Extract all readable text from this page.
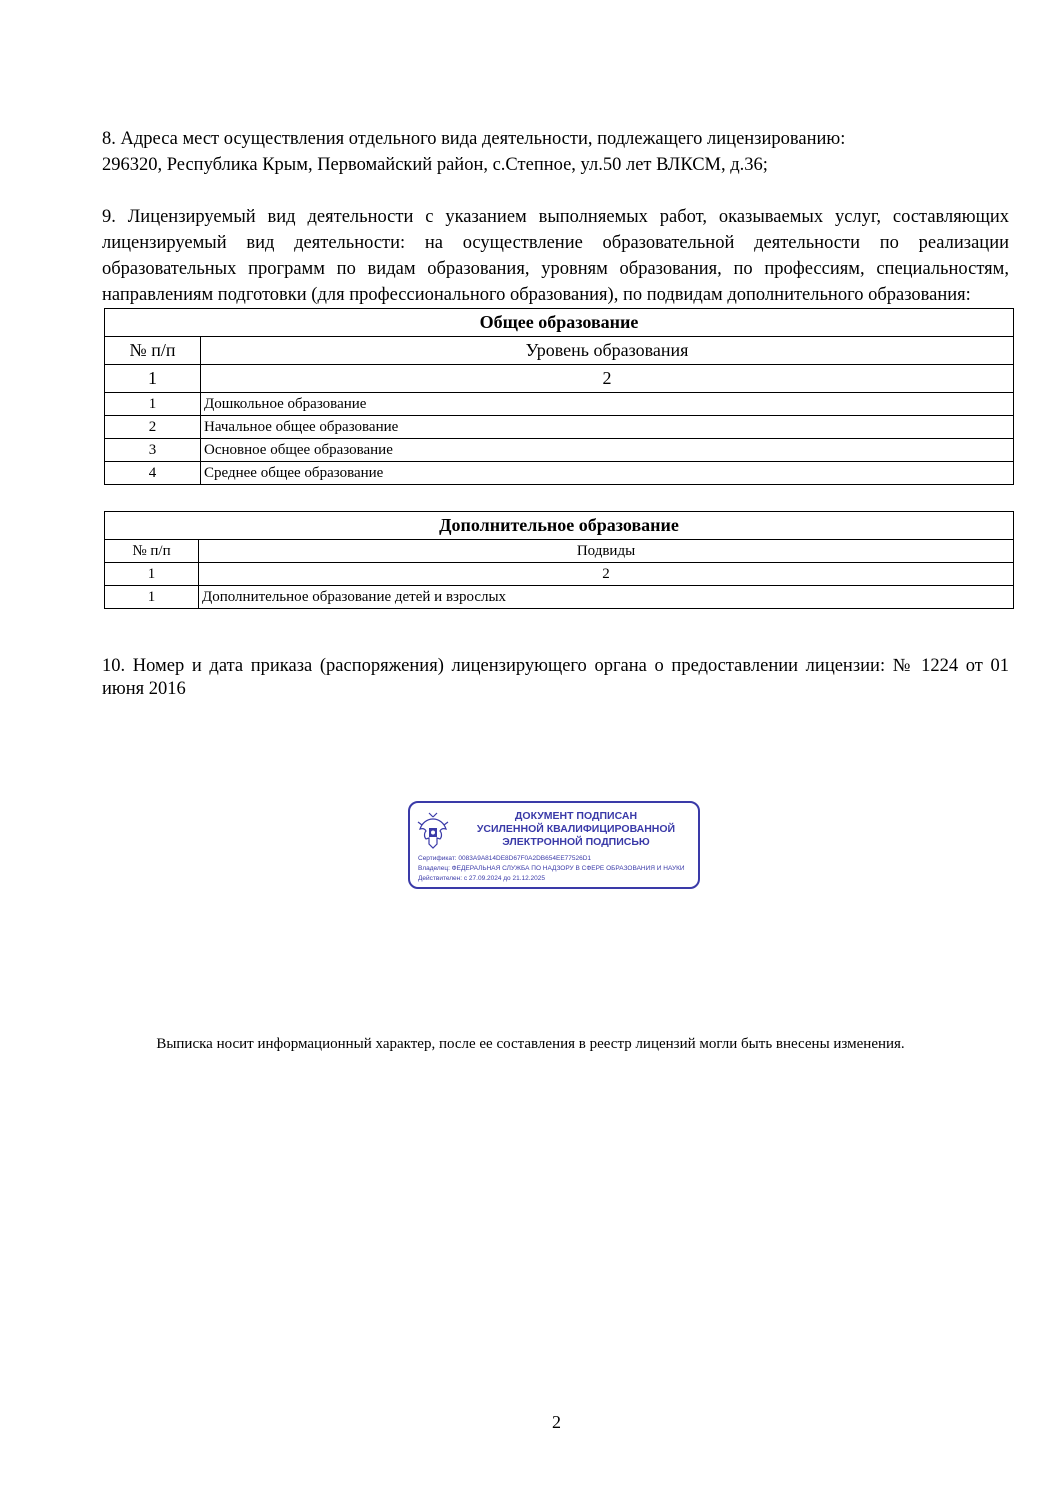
8. Адреса мест осуществления отдельного вида деятельности, подлежащего лицензированию:

296320, Республика Крым, Первомайский район, с.Степное, ул.50 лет ВЛКСМ, д.36;

9. Лицензируемый вид деятельности с указанием выполняемых работ, оказываемых услуг, составляющих лицензируемый вид деятельности: на осуществление образовательной деятельности по реализации образовательных программ по видам образования, уровням образования, по профессиям, специальностям, направлениям подготовки (для профессионального образования), по подвидам дополнительного образования:

Общее образование	
№ п/п	Уровень образования
1	2
1	Дошкольное образование
2	Начальное общее образование
3	Основное общее образование
4	Среднее общее образование
Дополнительное образование	
№ п/п	Подвиды
1	2
1	Дополнительное образование детей и взрослых

10. Номер и дата приказа (распоряжения) лицензирующего органа о предоставлении лицензии: № 1224 от 01 июня 2016

ДОКУМЕНТ ПОДПИСАН
УСИЛЕННОЙ КВАЛИФИЦИРОВАННОЙ
ЭЛЕКТРОННОЙ ПОДПИСЬЮ
Сертификат: 0083A9A814DE8D67F0A2DB654EE77526D1
Владелец: ФЕДЕРАЛЬНАЯ СЛУЖБА ПО НАДЗОРУ В СФЕРЕ ОБРАЗОВАНИЯ И НАУКИ
Действителен: с 27.09.2024 до 21.12.2025
Выписка носит информационный характер, после ее составления в реестр лицензий могли быть внесены изменения.
2
